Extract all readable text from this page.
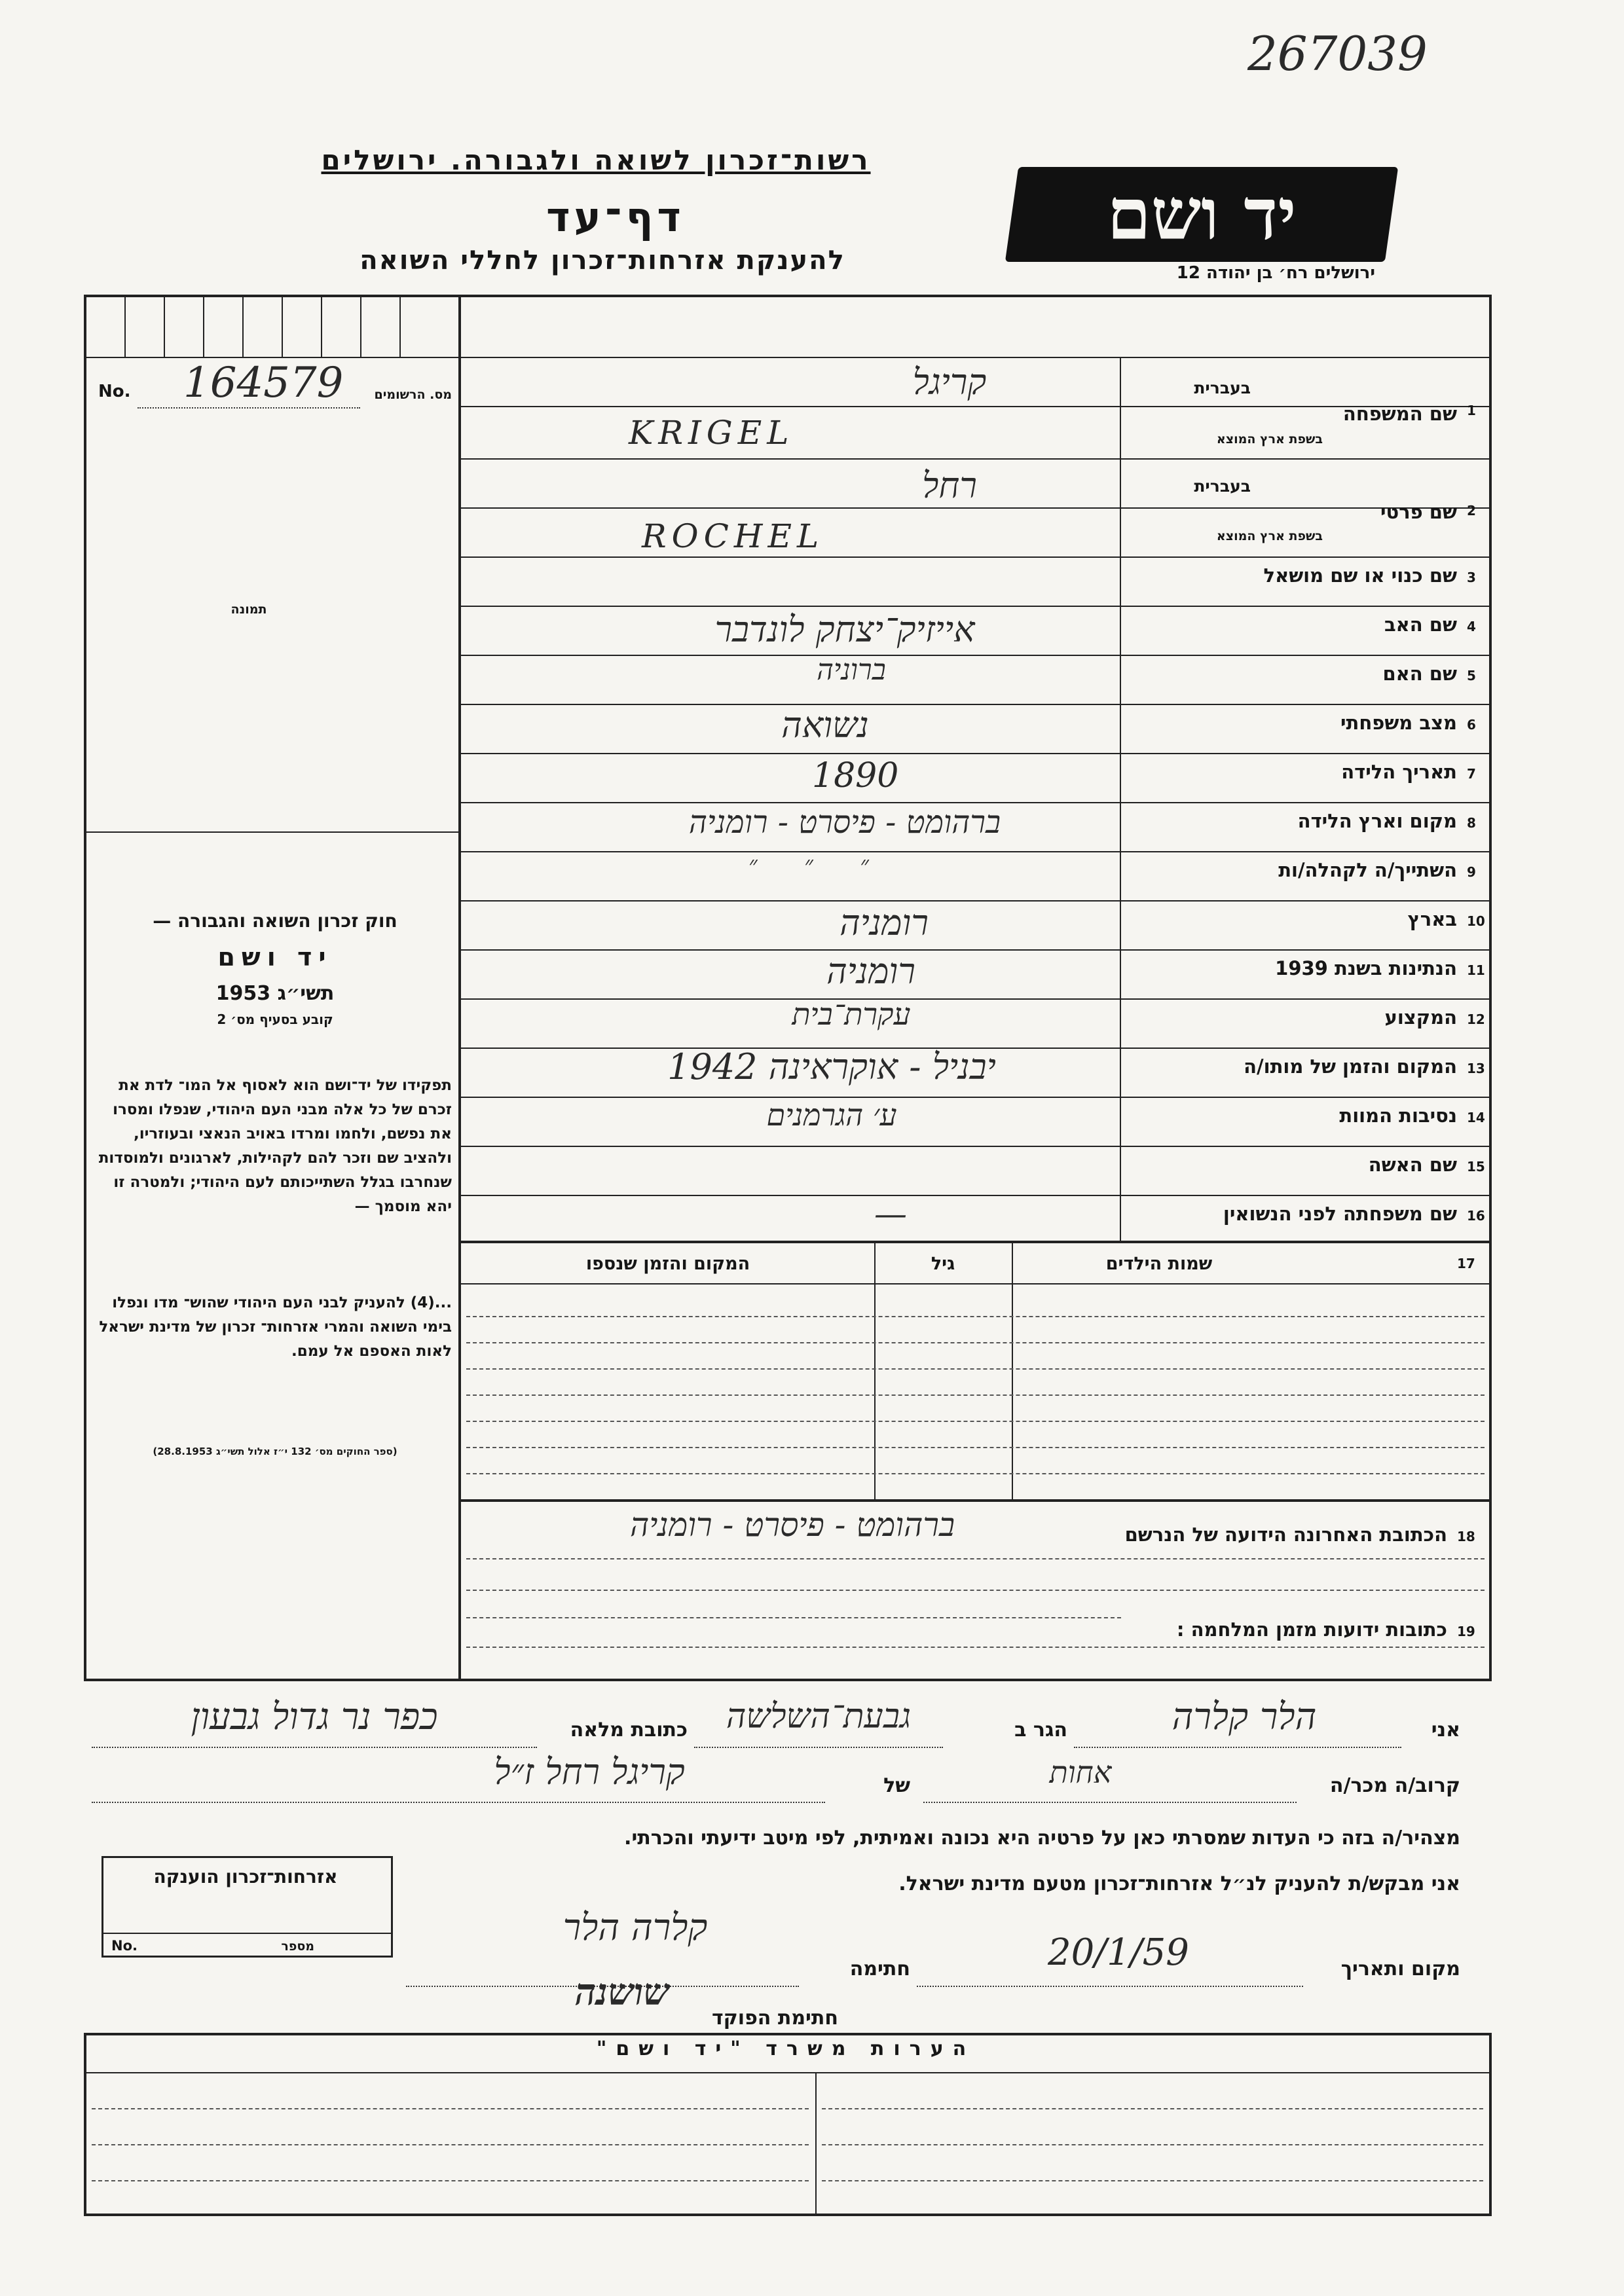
267039
רשות־זכרון לשואה ולגבורה. ירושלים
דף־עד
להענקת אזרחות־זכרון לחללי השואה
יד ושם
ירושלים רח׳ בן יהודה 12
No. 164579	מס. הרשומים
תמונה
חוק זכרון השואה והגבורה —
יד ושם
תשי״ג 1953
קובע בסעיף מס׳ 2
תפקידו של יד־ושם הוא לאסוף אל המו־ לדת את זכרם של כל אלה מבני העם היהודי, שנפלו ומסרו את נפשם, ולחמו ומרדו באויב הנאצי ובעוזריו, ולהציב שם וזכר להם לקהילות, לארגונים ולמוסדות שנחרבו בגלל השתייכותם לעם היהודי; ולמטרה זו יהא מוסמך —
...(4) להעניק לבני העם היהודי שהוש־ מדו ונפלו בימי השואה והמרי אזרחות־ זכרון של מדינת ישראל לאות האספם אל עמם.
(ספר החוקים מס׳ 132 י״ז אלול תשי״ג 28.8.1953)
1
בעברית
שם המשפחה
בשפת ארץ המוצא
קריגל
KRIGEL
2
בעברית
שם פרטי
בשפת ארץ המוצא
רחל
ROCHEL
3
שם כנוי או שם מושאל
4
שם האב
אייזיק־יצחק לונדבר
5
שם האם
ברוניה
6
מצב משפחתי
נשואה
7
תאריך הלידה
1890
8
מקום וארץ הלידה
ברהומט - פיסרט - רומניה
9
השתייך/ה לקהלה/ות
״ ״ ״
10
בארץ
רומניה
11
הנתינות בשנת 1939
רומניה
12
המקצוע
עקרת־בית
13
המקום והזמן של מותו/ה
יבניל - אוקראינה 1942
14
נסיבות המוות
ע׳ הגרמנים
15
שם האשה
16
שם משפחתה לפני הנשואין
—
17
שמות הילדים
גיל
המקום והזמן שנספו
18
הכתובת האחרונה הידועה של הנרשם
ברהומט - פיסרט - רומניה
19
כתובות ידועות מזמן המלחמה :
אני
הלר קלרה
הגר ב
גבעת־השלשה
כתובת מלאה
כפר נר גדול גבעון
קרוב/ה מכר/ה
אחות
של
קריגל רחל ז״ל
מצהיר/ה בזה כי העדות שמסרתי כאן על פרטיה היא נכונה ואמיתית, לפי מיטב ידיעתי והכרתי.
אני מבקש/ת להעניק לנ״ל אזרחות־זכרון מטעם מדינת ישראל.
מקום ותאריך
20/1/59
חתימה
קלרה הלר
חתימת הפוקד
שושנה
אזרחות־זכרון הוענקה
No.	מספר
הערות משרד "יד ושם"
